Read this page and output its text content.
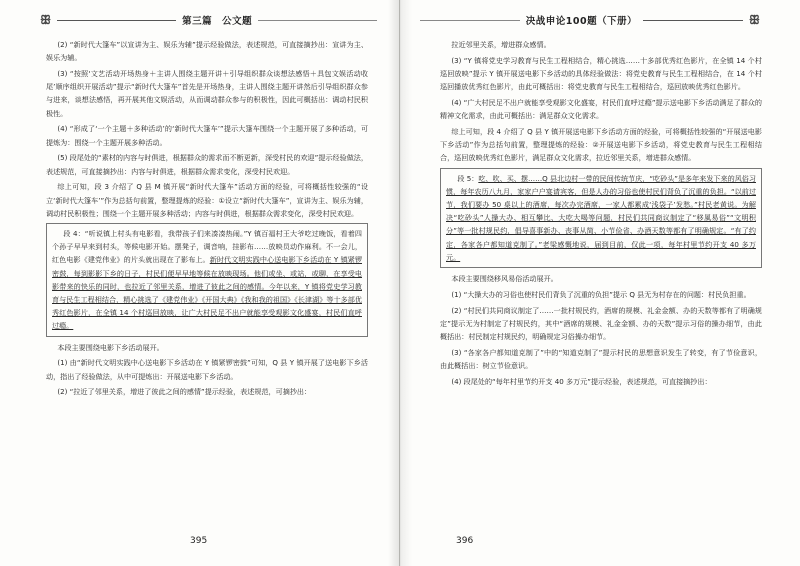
ꕥ	第三篇　公文题

(2) “新时代大篷车”以宣讲为主、娱乐为辅”提示经验做法，表述规范，可直接摘抄出：宣讲为主、娱乐为辅。

(3) “按照‘文艺活动开场热身＋主讲人围绕主题开讲＋引导组织群众谈想法感悟＋具包文娱活动收尾’顺序组织开展活动”提示“新时代大篷车”首先是开场热身，主讲人围绕主题开讲然后引导组织群众参与进来，谈想法感悟，再开展其他文娱活动，从而调动群众参与的积极性，因此可概括出：调动村民积极性。

(4) “形成了‘一个主题＋多种活动’的‘新时代大篷车’”提示大篷车围绕一个主题开展了多种活动，可提炼为：围绕一个主题开展多种活动。

(5) 段尾处的“素材的内容与时俱进，根据群众的需求而不断更新，深受村民的欢迎”提示经验做法，表述规范，可直接摘抄出：内容与时俱进，根据群众需求变化，深受村民欢迎。

综上可知，段 3 介绍了 Q 县 M 镇开展“新时代大篷车”活动方面的经验，可将概括性较强的“设立‘新时代大篷车’”作为总括句前置，整理提炼的经验：①设立“新时代大篷车”，宣讲为主、娱乐为辅，调动村民积极性；围绕一个主题开展多种活动；内容与时俱进，根据群众需求变化，深受村民欢迎。

段 4：“听说镇上村头有电影看，我带孩子们来凑凑热闹。”Y 镇百福村王大爷吃过晚饭，看着四个孙子早早来到村头，等候电影开始。摆凳子，调音响，挂影布……放映员动作麻利。不一会儿，红色电影《建党伟业》的片头就出现在了影布上。新时代文明实践中心送电影下乡活动在 Y 镇紧锣密鼓，每到影影下乡的日子，村民们便早早地等候在放映现场。他们或坐、或站，或聊，在享受电影带来的快乐的同时，也拉近了邻里关系，增进了彼此之间的感情。今年以来，Y 镇将党史学习教育与民生工程相结合，精心挑选了《建党伟业》《开国大典》《我和我的祖国》《长津湖》等十多部优秀红色影片，在全镇 14 个村巡回放映，让广大村民足不出户就能享受观影文化盛宴，村民们直呼过瘾。

本段主要围绕电影下乡活动展开。

(1) 由“新时代文明实践中心送电影下乡活动在 Y 镇紧锣密鼓”可知，Q 县 Y 镇开展了送电影下乡活动，指出了经验做法，从中可提炼出：开展送电影下乡活动。

(2) “拉近了邻里关系，增进了彼此之间的感情”提示经验，表述规范，可摘抄出：

395
决战申论100题（下册）	ꕥ

拉近邻里关系，增进群众感情。

(3) “Y 镇将党史学习教育与民生工程相结合，精心挑选……十多部优秀红色影片，在全镇 14 个村巡回放映”提示 Y 镇开展送电影下乡活动的具体经验做法：将党史教育与民生工程相结合，在 14 个村巡回播放优秀红色影片，由此可概括出：将党史教育与民生工程相结合，巡回放映优秀红色影片。

(4) “广大村民足不出户就能享受观影文化盛宴，村民们直呼过瘾”提示送电影下乡活动满足了群众的精神文化需求，由此可概括出：满足群众文化需求。

综上可知，段 4 介绍了 Q 县 Y 镇开展送电影下乡活动方面的经验，可将概括性较强的“开展送电影下乡活动”作为总括句前置，整理提炼的经验：②开展送电影下乡活动，将党史教育与民生工程相结合，巡回放映优秀红色影片，满足群众文化需求，拉近邻里关系，增进群众感情。

段 5：吃、吹、买、摆……Q 县北边村一带的民间传统节庆，“吃砂头”是多年来发下来的风俗习惯，每年农历八九月，家家户户宴请宾客，但是人办的习俗也使村民们背负了沉重的负担。“以前过节，我们要办 50 桌以上的酒席，每次办完酒席，一家人都累成‘浅袋子’发愁。”村民老黄说。为解决“吃砂头”人操大办、相互攀比、大吃大喝等问题，村民们共同商议制定了“移風易俗”“文明积分”等一批村规民约，倡导喜事新办、丧事从简、小节俭省、办酒天数等都有了明确规定。“有了约定，各家各户都知道克制了。”老梁感慨地说，届到目前，仅此一项，每年村里节约开支 40 多万元。

本段主要围绕移风易俗活动展开。

(1) “大操大办的习俗也使村民们背负了沉重的负担”提示 Q 县无为村存在的问题：村民负担重。

(2) “村民们共同商议制定了……一批村规民约，酒席的规模、礼金金额、办的天数等都有了明确规定”提示无为村制定了村规民约，其中“酒席的规模、礼金金额、办的天数”提示习俗的操办细节，由此概括出：村民制定村规民约，明确规定习俗操办细节。

(3) “各家各户都知道克制了”中的“知道克制了”提示村民的思想意识发生了转变，有了节俭意识，由此概括出：树立节俭意识。

(4) 段尾处的“每年村里节约开支 40 多万元”提示经验，表述规范，可直接摘抄出：

396
